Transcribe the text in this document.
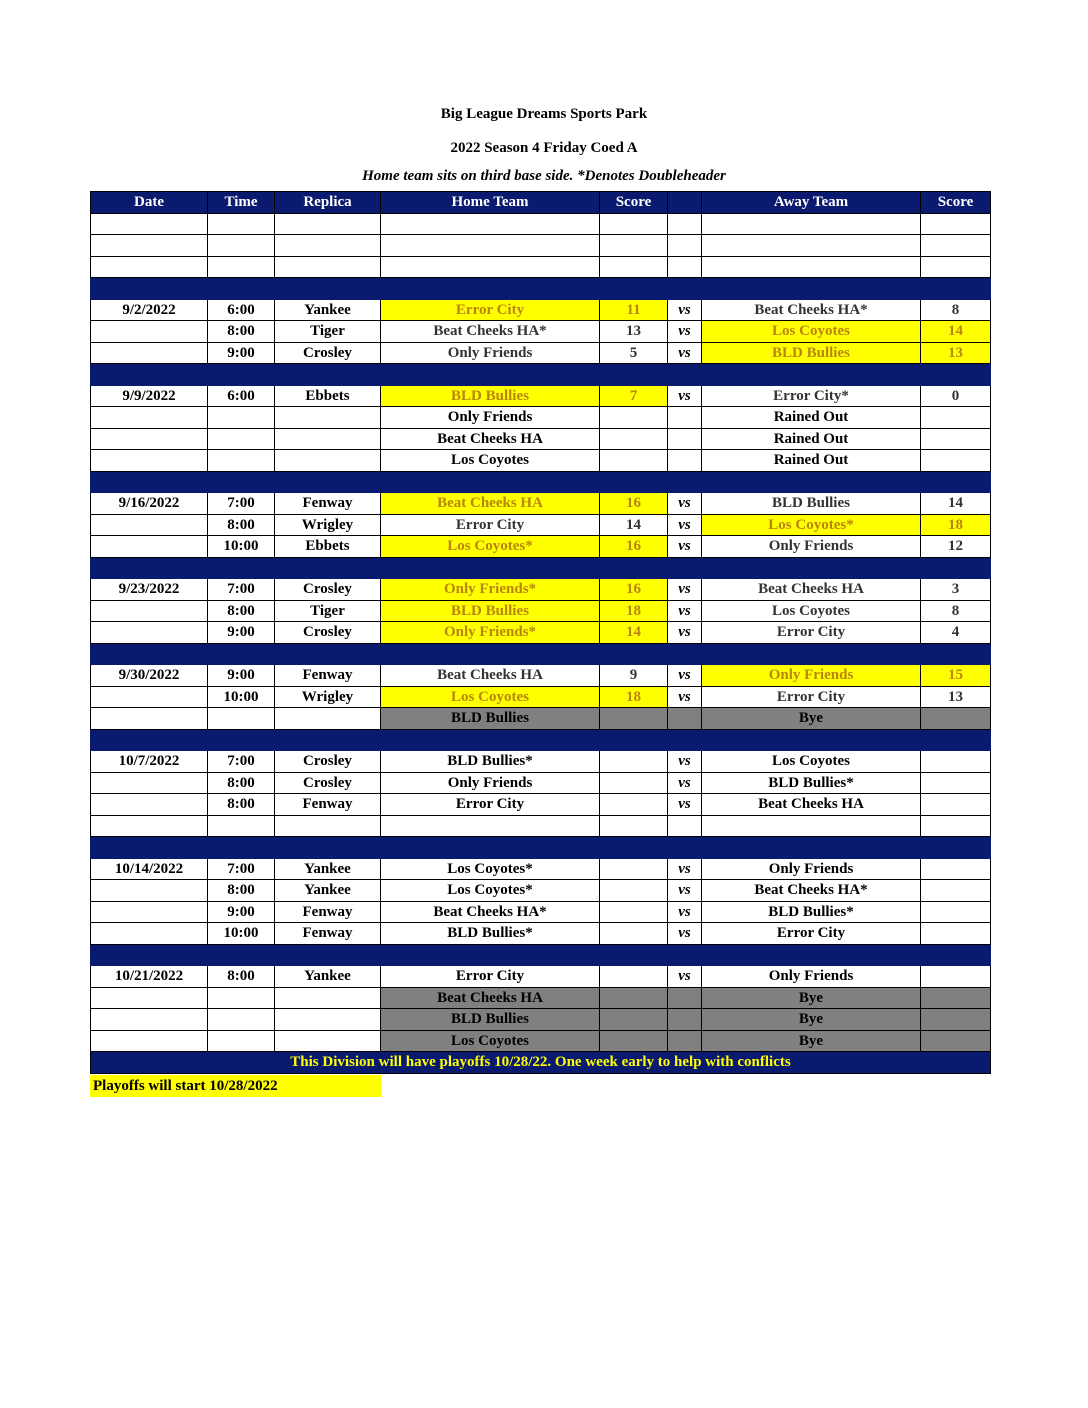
Big League Dreams Sports Park
2022 Season 4 Friday Coed A
Home team sits on third base side. *Denotes Doubleheader
Date	Time	Replica	Home Team	Score		Away Team	Score

9/2/2022	6:00	Yankee	Error City	11	vs	Beat Cheeks HA*	8
	8:00	Tiger	Beat Cheeks HA*	13	vs	Los Coyotes	14
	9:00	Crosley	Only Friends	5	vs	BLD Bullies	13

9/9/2022	6:00	Ebbets	BLD Bullies	7	vs	Error City*	0
			Only Friends			Rained Out	
			Beat Cheeks HA			Rained Out	
			Los Coyotes			Rained Out	

9/16/2022	7:00	Fenway	Beat Cheeks HA	16	vs	BLD Bullies	14
	8:00	Wrigley	Error City	14	vs	Los Coyotes*	18
	10:00	Ebbets	Los Coyotes*	16	vs	Only Friends	12

9/23/2022	7:00	Crosley	Only Friends*	16	vs	Beat Cheeks HA	3
	8:00	Tiger	BLD Bullies	18	vs	Los Coyotes	8
	9:00	Crosley	Only Friends*	14	vs	Error City	4

9/30/2022	9:00	Fenway	Beat Cheeks HA	9	vs	Only Friends	15
	10:00	Wrigley	Los Coyotes	18	vs	Error City	13
			BLD Bullies			Bye	

10/7/2022	7:00	Crosley	BLD Bullies*		vs	Los Coyotes	
	8:00	Crosley	Only Friends		vs	BLD Bullies*	
	8:00	Fenway	Error City		vs	Beat Cheeks HA	

10/14/2022	7:00	Yankee	Los Coyotes*		vs	Only Friends	
	8:00	Yankee	Los Coyotes*		vs	Beat Cheeks HA*	
	9:00	Fenway	Beat Cheeks HA*		vs	BLD Bullies*	
	10:00	Fenway	BLD Bullies*		vs	Error City	

10/21/2022	8:00	Yankee	Error City		vs	Only Friends	
			Beat Cheeks HA			Bye	
			BLD Bullies			Bye	
			Los Coyotes			Bye	
This Division will have playoffs 10/28/22. One week early to help with conflicts							
Playoffs will start 10/28/2022
